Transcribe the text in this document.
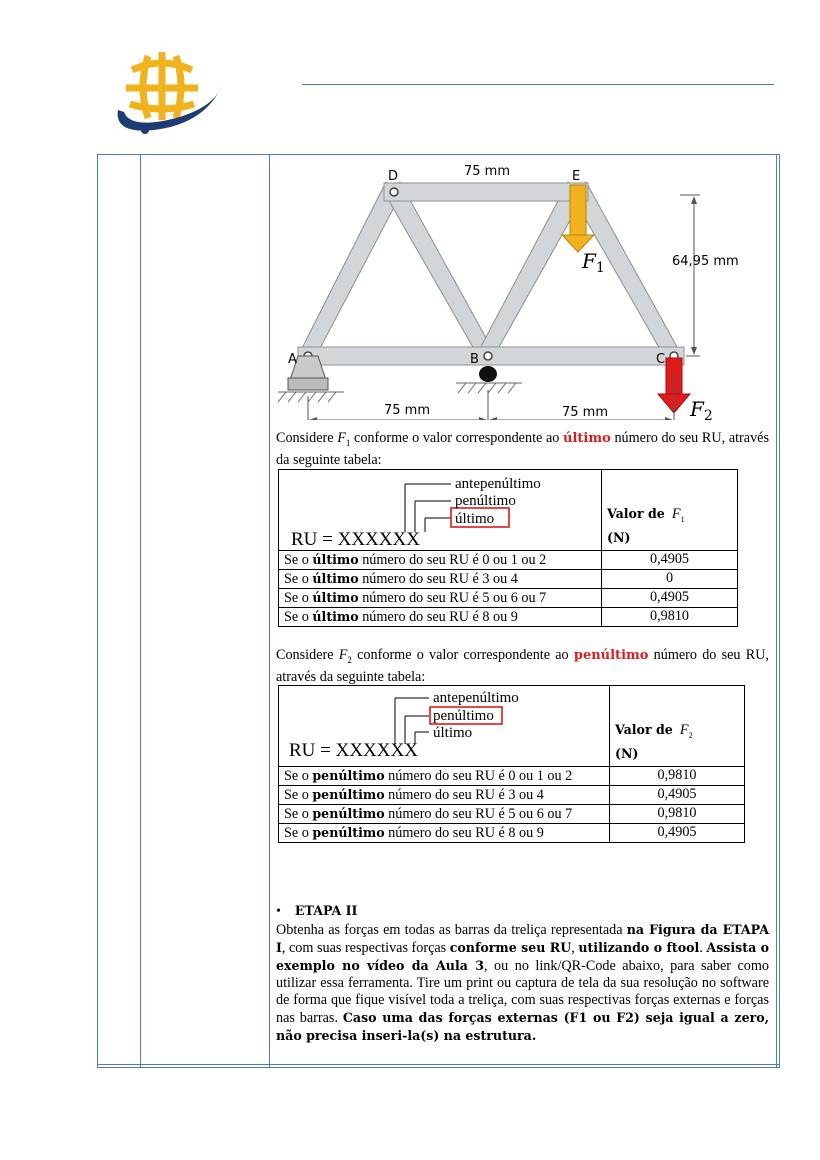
75 mm
D	E
64,95 mm
A	B	C
75 mm	75 mm
$F_1$
$F_2$
Considere $F_1$ conforme o valor correspondente ao último número do seu RU, através da seguinte tabela:
antepenúltimo
penúltimo
último
RU = XXXXXX	Valor de $F_1$
(N)
Se o último número do seu RU é 0 ou 1 ou 2	0,4905
Se o último número do seu RU é 3 ou 4	0
Se o último número do seu RU é 5 ou 6 ou 7	0,4905
Se o último número do seu RU é 8 ou 9	0,9810
Considere $F_2$ conforme o valor correspondente ao penúltimo número do seu RU, através da seguinte tabela:
antepenúltimo
penúltimo
último
RU = XXXXXX	Valor de $F_2$
(N)
Se o penúltimo número do seu RU é 0 ou 1 ou 2	0,9810
Se o penúltimo número do seu RU é 3 ou 4	0,4905
Se o penúltimo número do seu RU é 5 ou 6 ou 7	0,9810
Se o penúltimo número do seu RU é 8 ou 9	0,4905
• ETAPA II
Obtenha as forças em todas as barras da treliça representada na Figura da ETAPA I, com suas respectivas forças conforme seu RU, utilizando o ftool. Assista o exemplo no vídeo da Aula 3, ou no link/QR-Code abaixo, para saber como utilizar essa ferramenta. Tire um print ou captura de tela da sua resolução no software de forma que fique visível toda a treliça, com suas respectivas forças externas e forças nas barras. Caso uma das forças externas (F1 ou F2) seja igual a zero, não precisa inseri-la(s) na estrutura.
